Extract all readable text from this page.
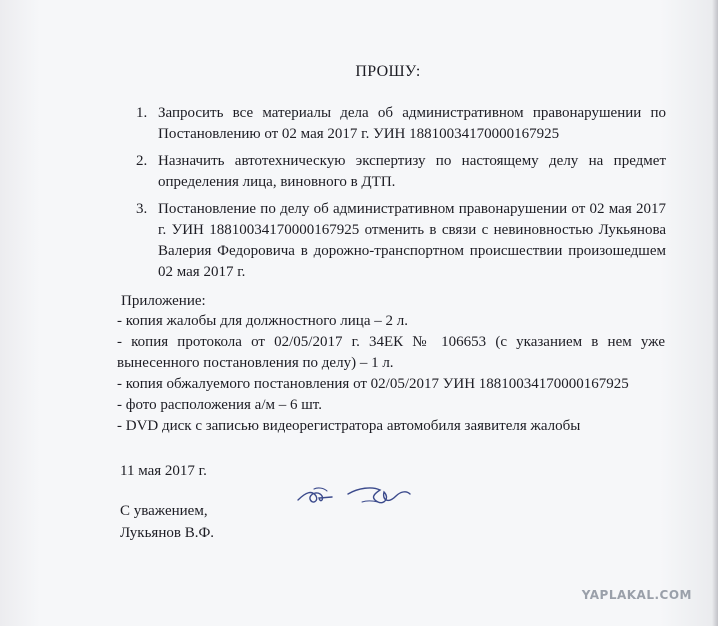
ПРОШУ:
1. Запросить все материалы дела об административном правонарушении по Постановлению от 02 мая 2017 г. УИН 18810034170000167925
2. Назначить автотехническую экспертизу по настоящему делу на предмет определения лица, виновного в ДТП.
3. Постановление по делу об административном правонарушении от 02 мая 2017 г. УИН 18810034170000167925 отменить в связи с невиновностью Лукьянова Валерия Федоровича в дорожно-транспортном происшествии произошедшем 02 мая 2017 г.
Приложение:
- копия жалобы для должностного лица – 2 л.
- копия протокола от 02/05/2017 г. 34ЕК № 106653 (с указанием в нем уже вынесенного постановления по делу) – 1 л.
- копия обжалуемого постановления от 02/05/2017 УИН 18810034170000167925
- фото расположения а/м – 6 шт.
- DVD диск с записью видеорегистратора автомобиля заявителя жалобы
11 мая 2017 г.
С уважением,
Лукьянов В.Ф.
YAPLAKAL.COM
